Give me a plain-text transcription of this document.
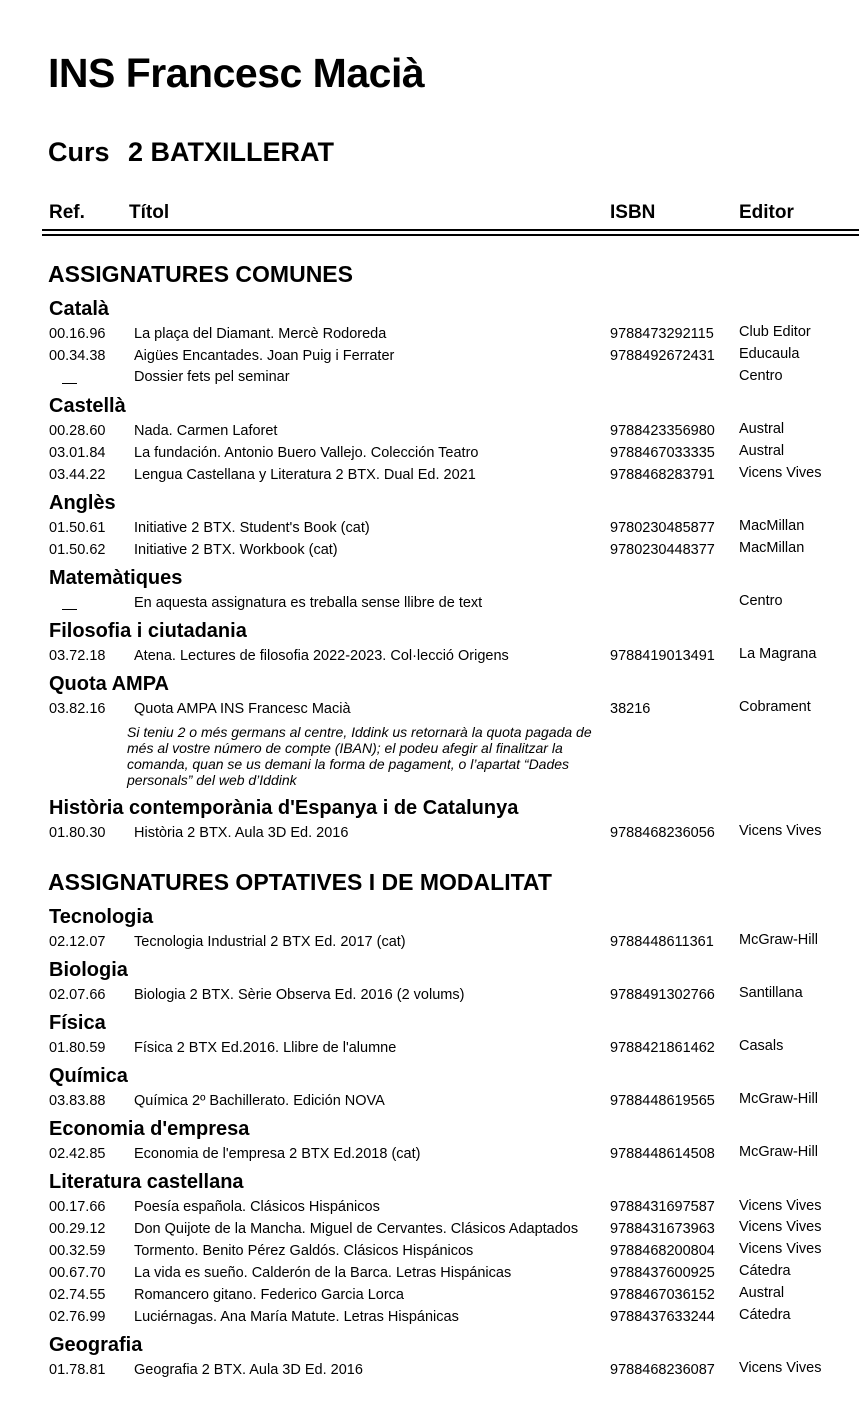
INS Francesc Macià
Curs 2 BATXILLERAT
Ref. Títol	ISBN	Editor
ASSIGNATURES COMUNES
Català
00.16.96 La plaça del Diamant. Mercè Rodoreda	9788473292115 Club Editor
00.34.38 Aigües Encantades. Joan Puig i Ferrater	9788492672431 Educaula
Dossier fets pel seminar	Centro
Castellà
00.28.60 Nada. Carmen Laforet	9788423356980 Austral
03.01.84 La fundación. Antonio Buero Vallejo. Colección Teatro	9788467033335 Austral
03.44.22 Lengua Castellana y Literatura 2 BTX. Dual Ed. 2021	9788468283791 Vicens Vives
Anglès
01.50.61 Initiative 2 BTX. Student's Book (cat)	9780230485877 MacMillan
01.50.62 Initiative 2 BTX. Workbook (cat)	9780230448377 MacMillan
Matemàtiques
En aquesta assignatura es treballa sense llibre de text	Centro
Filosofia i ciutadania
03.72.18 Atena. Lectures de filosofia 2022-2023. Col·lecció Origens	9788419013491 La Magrana
Quota AMPA
03.82.16 Quota AMPA INS Francesc Macià	38216	Cobrament
Si teniu 2 o més germans al centre, Iddink us retornarà la quota pagada de més al vostre número de compte (IBAN); el podeu afegir al finalitzar la comanda, quan se us demani la forma de pagament, o l’apartat “Dades personals” del web d’Iddink
Història contemporània d'Espanya i de Catalunya
01.80.30 Història 2 BTX. Aula 3D Ed. 2016	9788468236056 Vicens Vives
ASSIGNATURES OPTATIVES I DE MODALITAT
Tecnologia
02.12.07 Tecnologia Industrial 2 BTX Ed. 2017 (cat)	9788448611361 McGraw-Hill
Biologia
02.07.66 Biologia 2 BTX. Sèrie Observa Ed. 2016 (2 volums)	9788491302766 Santillana
Física
01.80.59 Física 2 BTX Ed.2016. Llibre de l'alumne	9788421861462 Casals
Química
03.83.88 Química 2º Bachillerato. Edición NOVA	9788448619565 McGraw-Hill
Economia d'empresa
02.42.85 Economia de l'empresa 2 BTX Ed.2018 (cat)	9788448614508 McGraw-Hill
Literatura castellana
00.17.66 Poesía española. Clásicos Hispánicos	9788431697587 Vicens Vives
00.29.12 Don Quijote de la Mancha. Miguel de Cervantes. Clásicos Adaptados 9788431673963 Vicens Vives
00.32.59 Tormento. Benito Pérez Galdós. Clásicos Hispánicos	9788468200804 Vicens Vives
00.67.70 La vida es sueño. Calderón de la Barca. Letras Hispánicas	9788437600925 Cátedra
02.74.55 Romancero gitano. Federico Garcia Lorca	9788467036152 Austral
02.76.99 Luciérnagas. Ana María Matute. Letras Hispánicas	9788437633244 Cátedra
Geografia
01.78.81 Geografia 2 BTX. Aula 3D Ed. 2016	9788468236087 Vicens Vives
